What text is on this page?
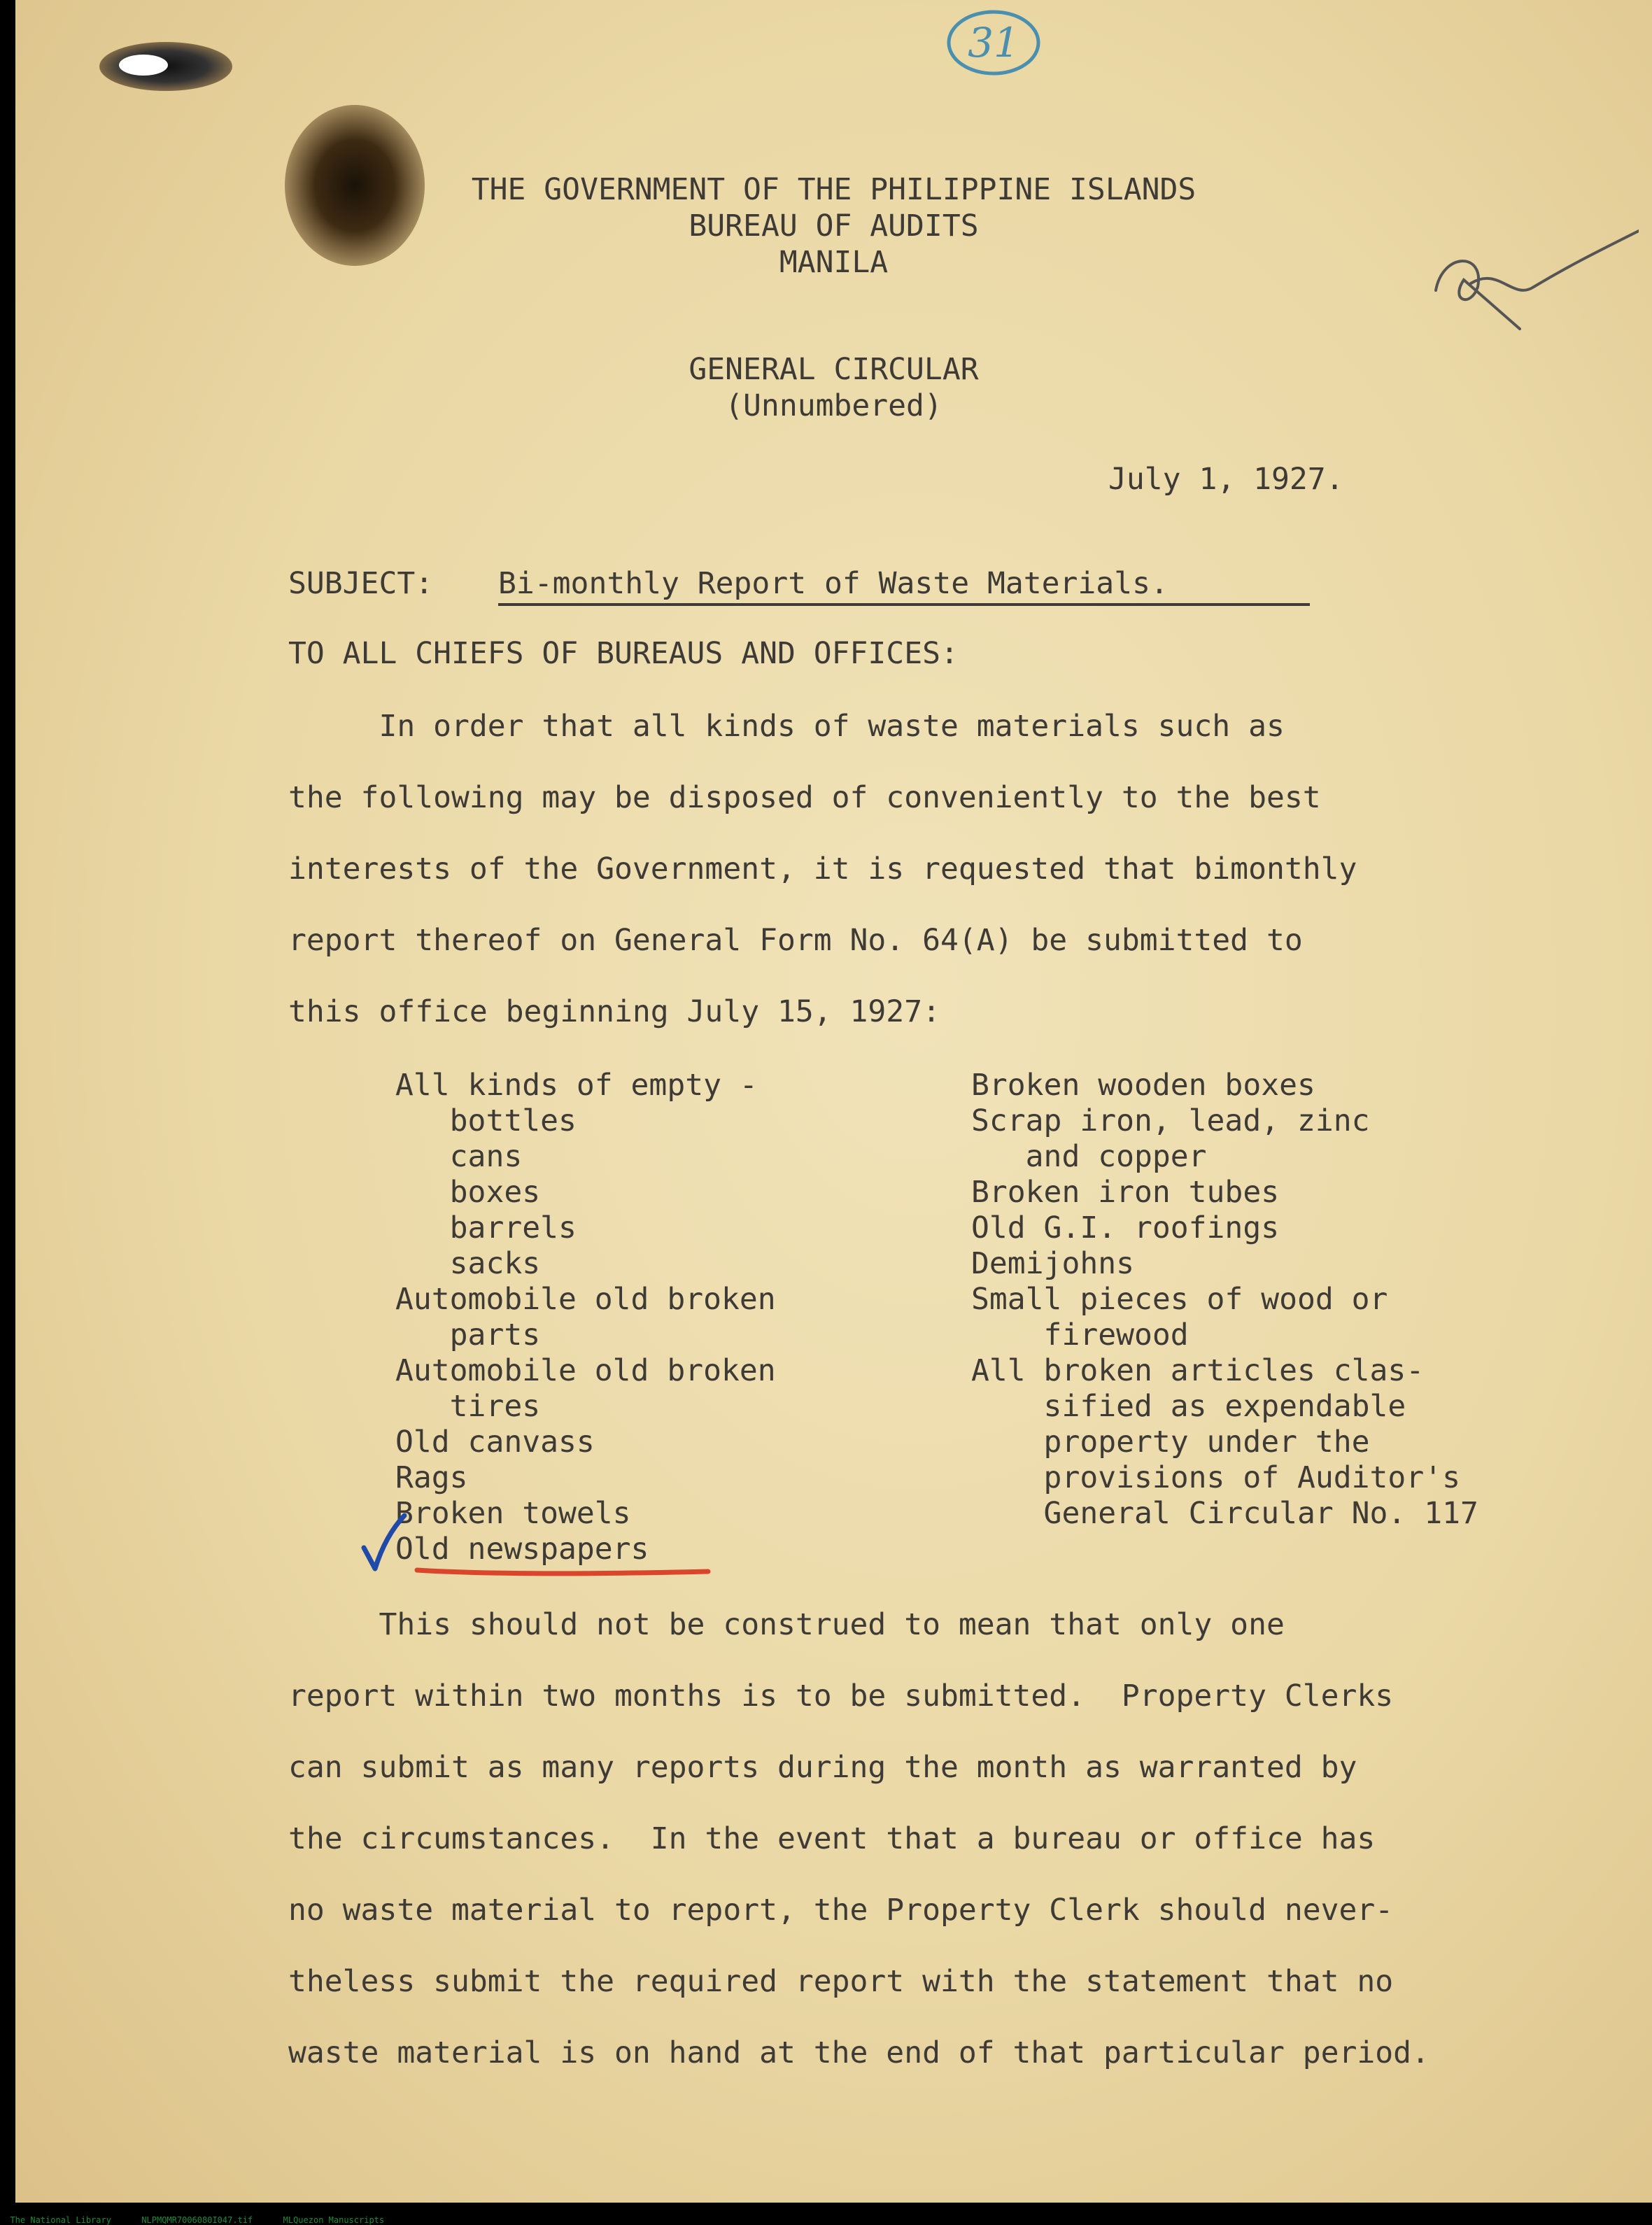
31
THE GOVERNMENT OF THE PHILIPPINE ISLANDS
BUREAU OF AUDITS
MANILA
GENERAL CIRCULAR
(Unnumbered)
July 1, 1927.
SUBJECT: Bi-monthly Report of Waste Materials.
TO ALL CHIEFS OF BUREAUS AND OFFICES:
In order that all kinds of waste materials such as
the following may be disposed of conveniently to the best
interests of the Government, it is requested that bimonthly
report thereof on General Form No. 64(A) be submitted to
this office beginning July 15, 1927:
All kinds of empty -
bottles
cans
boxes
barrels
sacks
Automobile old broken
parts
Automobile old broken
tires
Old canvass
Rags
Broken towels
Old newspapers
Broken wooden boxes
Scrap iron, lead, zinc
and copper
Broken iron tubes
Old G.I. roofings
Demijohns
Small pieces of wood or
firewood
All broken articles clas-
sified as expendable
property under the
provisions of Auditor's
General Circular No. 117
This should not be construed to mean that only one
report within two months is to be submitted.  Property Clerks
can submit as many reports during the month as warranted by
the circumstances.  In the event that a bureau or office has
no waste material to report, the Property Clerk should never-
theless submit the required report with the statement that no
waste material is on hand at the end of that particular period.

The National Library	NLPMQMR7006080I047.tif	MLQuezon Manuscripts
